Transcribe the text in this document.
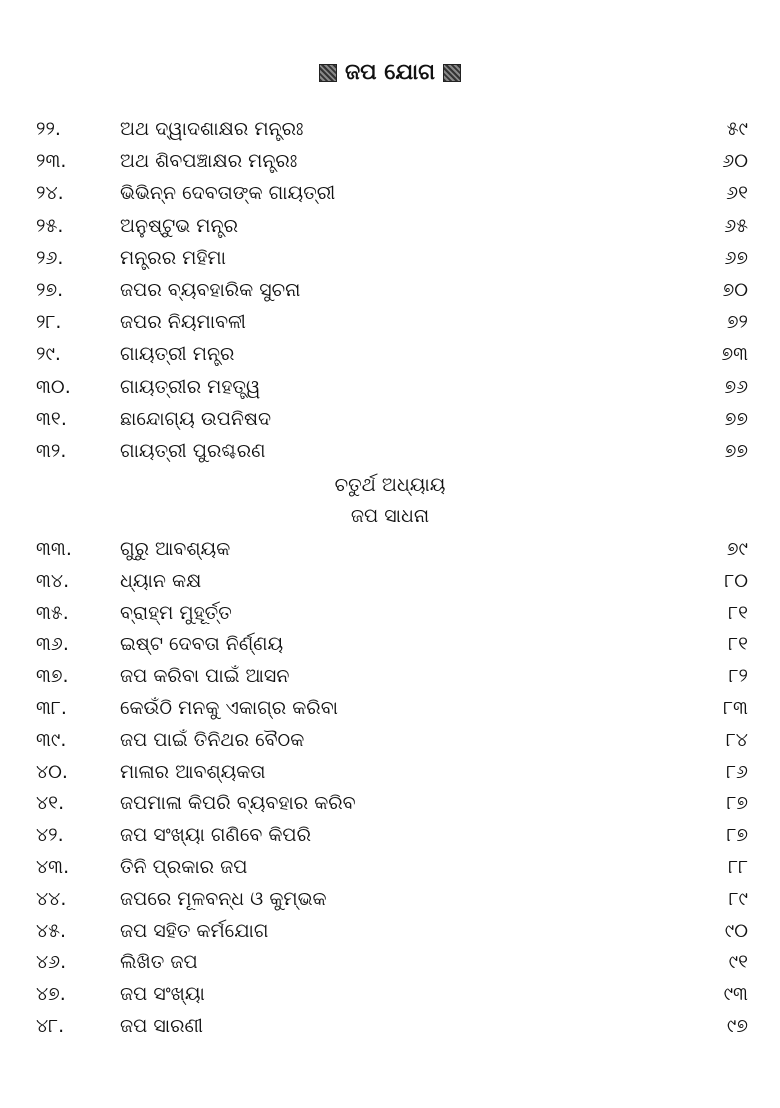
ଜପ ଯୋଗ
୨୨.	ଅଥ ଦ୍ୱାଦଶାକ୍ଷର ମନ୍ତ୍ରଃ	୫୯
୨୩.	ଅଥ ଶିବପଞ୍ଚାକ୍ଷର ମନ୍ତ୍ରଃ	୬୦
୨୪.	ଭିଭିନ୍ନ ଦେବତାଙ୍କ ଗାୟତ୍ରୀ	୬୧
୨୫.	ଅନୁଷ୍ଟୁଭ ମନ୍ତ୍ର	୬୫
୨୬.	ମନ୍ତ୍ରର ମହିମା	୬୭
୨୭.	ଜପର ବ୍ୟବହାରିକ ସୁଚନା	୭୦
୨୮.	ଜପର ନିୟମାବଳୀ	୭୨
୨୯.	ଗାୟତ୍ରୀ ମନ୍ତ୍ର	୭୩
୩୦.	ଗାୟତ୍ରୀର ମହତ୍ତ୍ୱ	୭୬
୩୧.	ଛାନ୍ଦୋଗ୍ୟ ଉପନିଷଦ	୭୭
୩୨.	ଗାୟତ୍ରୀ ପୁରଶ୍ଚରଣ	୭୭
ଚତୁର୍ଥ ଅଧ୍ୟାୟ
ଜପ ସାଧନା
୩୩.	ଗୁରୁ ଆବଶ୍ୟକ	୭୯
୩୪.	ଧ୍ୟାନ କକ୍ଷ	୮୦
୩୫.	ବ୍ରାହ୍ମ ମୁହୂର୍ତ୍ତ	୮୧
୩୬.	ଇଷ୍ଟ ଦେବତା ନିର୍ଣ୍ଣୟ	୮୧
୩୭.	ଜପ କରିବା ପାଇଁ ଆସନ	୮୨
୩୮.	କେଉଁଠି ମନକୁ ଏକାଗ୍ର କରିବା	୮୩
୩୯.	ଜପ ପାଇଁ ତିନିଥର ବୈଠକ	୮୪
୪୦.	ମାଳାର ଆବଶ୍ୟକତା	୮୬
୪୧.	ଜପମାଳା କିପରି ବ୍ୟବହାର କରିବ	୮୭
୪୨.	ଜପ ସଂଖ୍ୟା ଗଣିବେ କିପରି	୮୭
୪୩.	ତିନି ପ୍ରକାର ଜପ	୮୮
୪୪.	ଜପରେ ମୂଳବନ୍ଧ ଓ କୁମ୍ଭକ	୮୯
୪୫.	ଜପ ସହିତ କର୍ମଯୋଗ	୯୦
୪୬.	ଲିଖିତ ଜପ	୯୧
୪୭.	ଜପ ସଂଖ୍ୟା	୯୩
୪୮.	ଜପ ସାରଣୀ	୯୭
